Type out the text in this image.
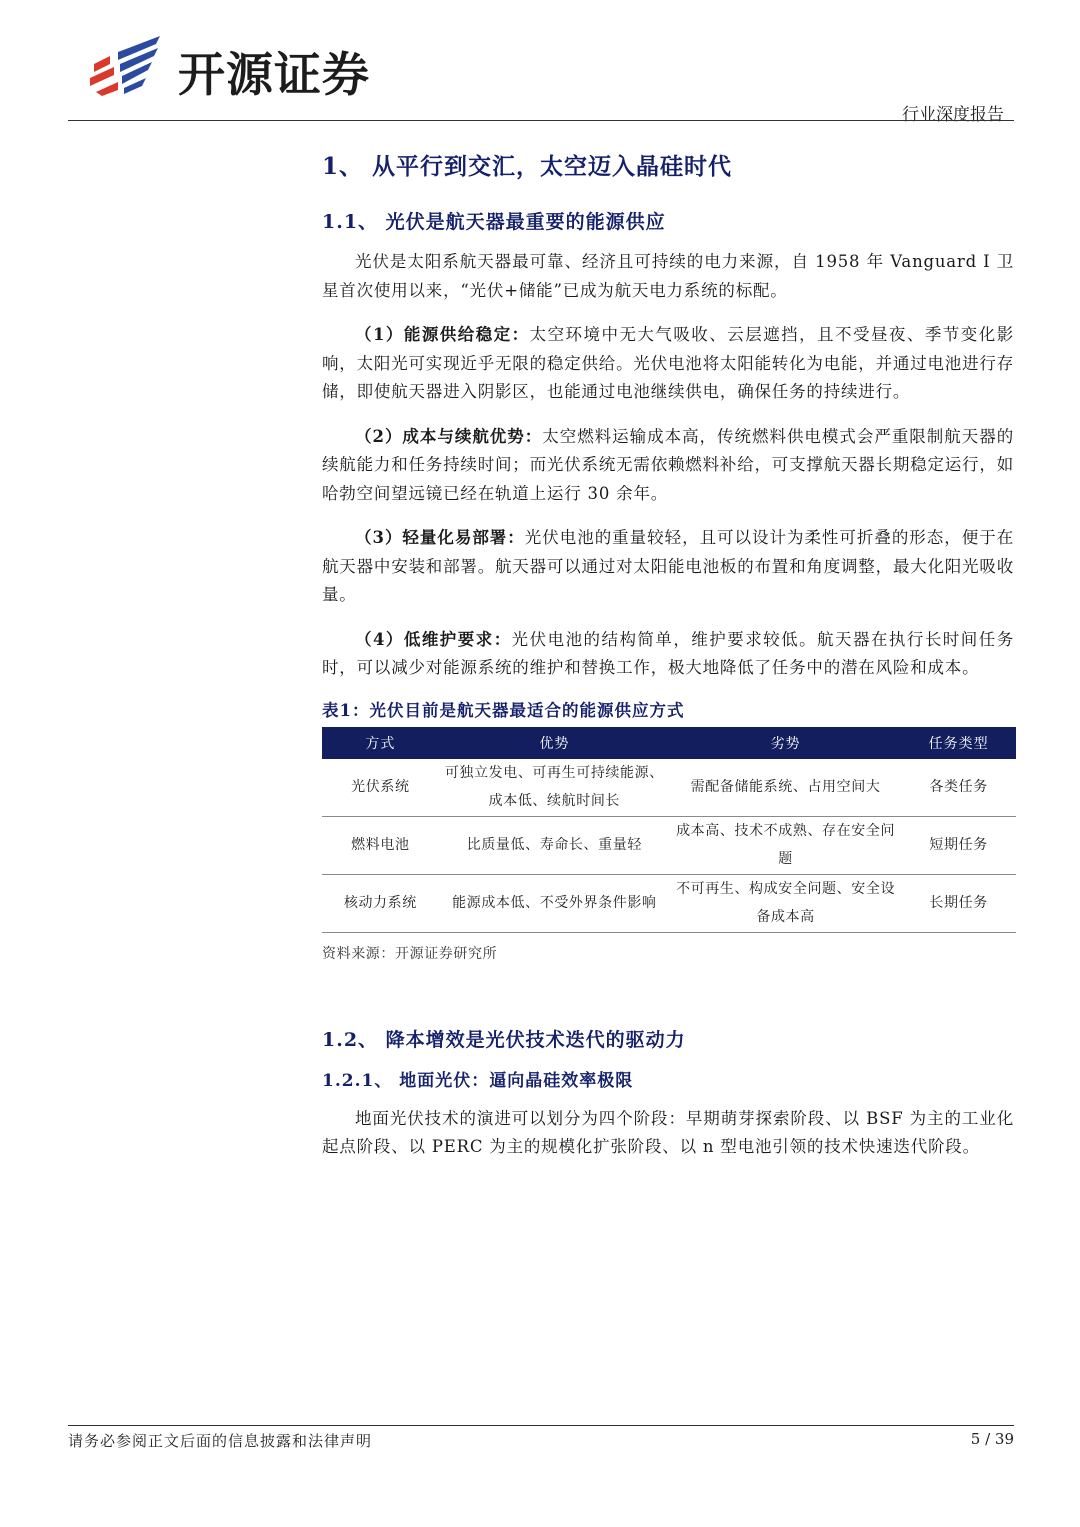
开源证券
行业深度报告
1、 从平行到交汇，太空迈入晶硅时代
1.1、 光伏是航天器最重要的能源供应

光伏是太阳系航天器最可靠、经济且可持续的电力来源，自 1958 年 Vanguard I 卫星首次使用以来，“光伏+储能”已成为航天电力系统的标配。

（1）能源供给稳定：太空环境中无大气吸收、云层遮挡，且不受昼夜、季节变化影响，太阳光可实现近乎无限的稳定供给。光伏电池将太阳能转化为电能，并通过电池进行存储，即使航天器进入阴影区，也能通过电池继续供电，确保任务的持续进行。

（2）成本与续航优势：太空燃料运输成本高，传统燃料供电模式会严重限制航天器的续航能力和任务持续时间；而光伏系统无需依赖燃料补给，可支撑航天器长期稳定运行，如哈勃空间望远镜已经在轨道上运行 30 余年。

（3）轻量化易部署：光伏电池的重量较轻，且可以设计为柔性可折叠的形态，便于在航天器中安装和部署。航天器可以通过对太阳能电池板的布置和角度调整，最大化阳光吸收量。

（4）低维护要求：光伏电池的结构简单，维护要求较低。航天器在执行长时间任务时，可以减少对能源系统的维护和替换工作，极大地降低了任务中的潜在风险和成本。

表1：光伏目前是航天器最适合的能源供应方式
方式	优势	劣势	任务类型
光伏系统	可独立发电、可再生可持续能源、成本低、续航时间长	需配备储能系统、占用空间大	各类任务
燃料电池	比质量低、寿命长、重量轻	成本高、技术不成熟、存在安全问题	短期任务
核动力系统	能源成本低、不受外界条件影响	不可再生、构成安全问题、安全设备成本高	长期任务
资料来源：开源证券研究所
1.2、 降本增效是光伏技术迭代的驱动力
1.2.1、 地面光伏：逼向晶硅效率极限

地面光伏技术的演进可以划分为四个阶段：早期萌芽探索阶段、以 BSF 为主的工业化起点阶段、以 PERC 为主的规模化扩张阶段、以 n 型电池引领的技术快速迭代阶段。

请务必参阅正文后面的信息披露和法律声明	5 / 39
